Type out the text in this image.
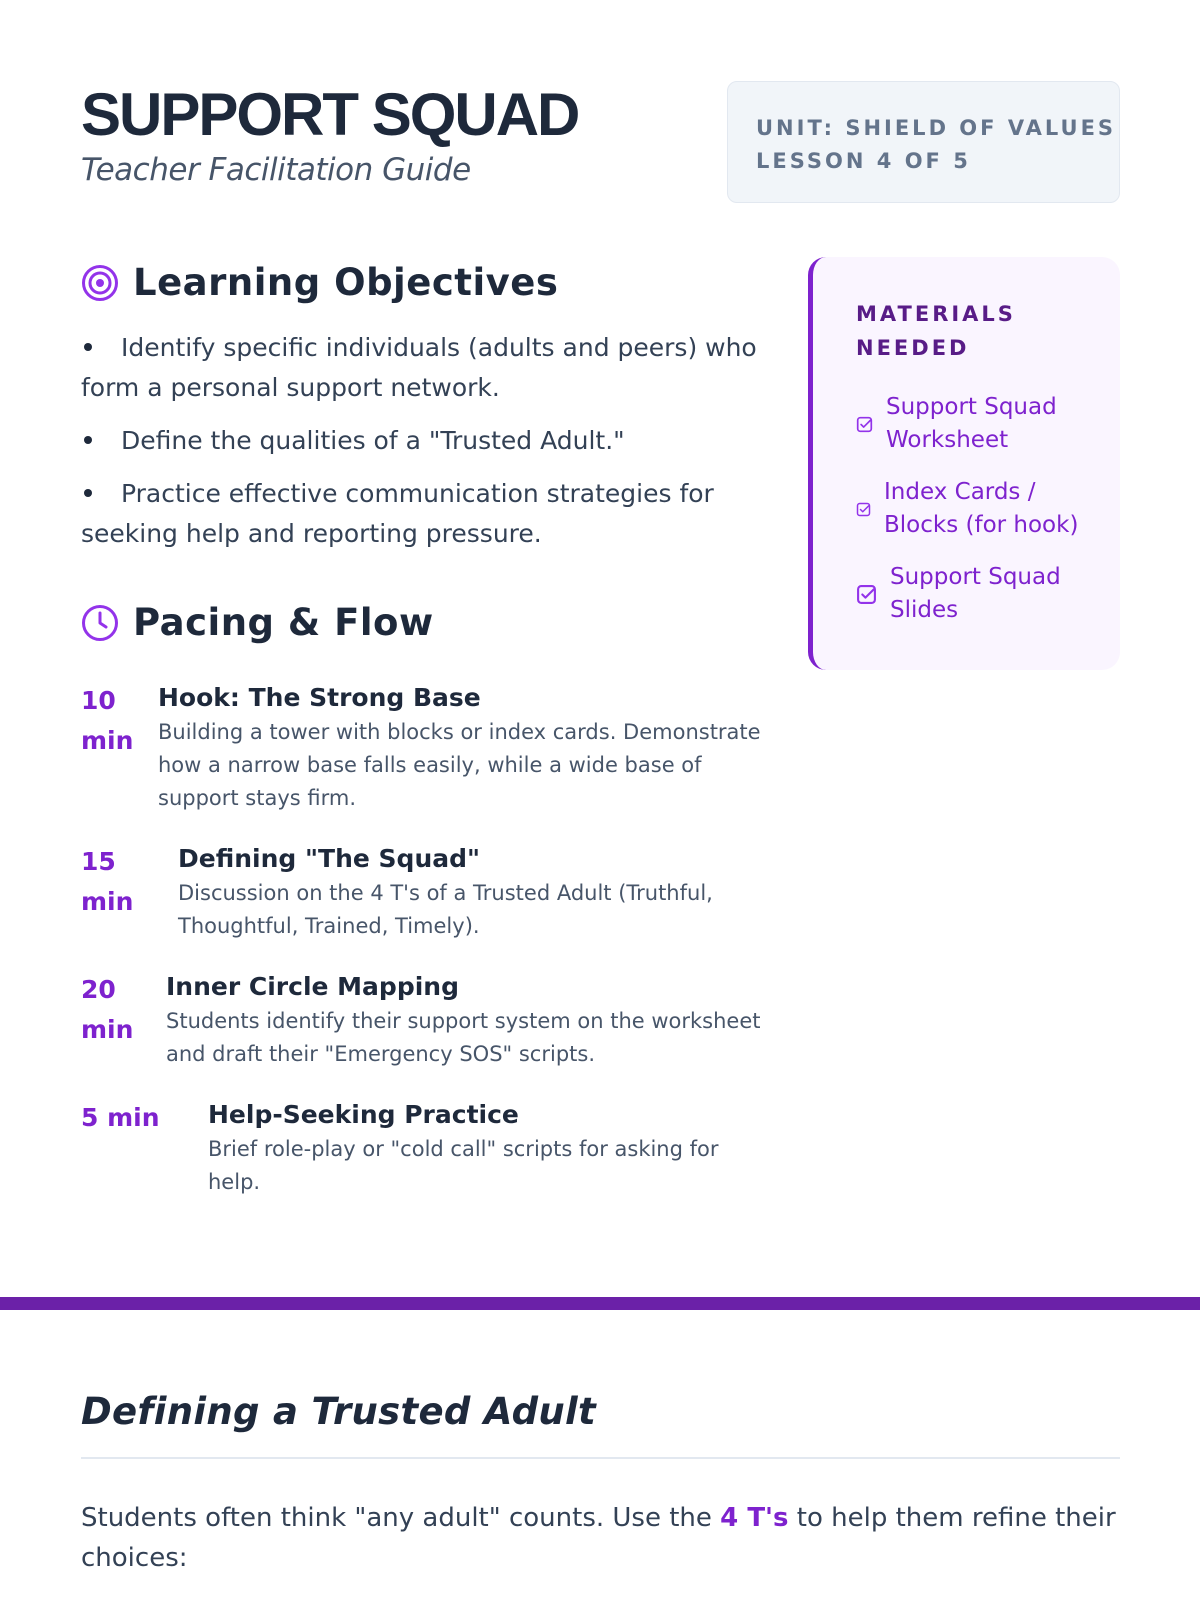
SUPPORT SQUAD
Teacher Facilitation Guide
UNIT: SHIELD OF VALUES
LESSON 4 OF 5
Learning Objectives
Identify specific individuals (adults and peers) who form a personal support network.
Define the qualities of a "Trusted Adult."
Practice effective communication strategies for seeking help and reporting pressure.
Pacing & Flow
10 min
Hook: The Strong Base
Building a tower with blocks or index cards. Demonstrate how a narrow base falls easily, while a wide base of support stays firm.
15 min
Defining "The Squad"
Discussion on the 4 T's of a Trusted Adult (Truthful, Thoughtful, Trained, Timely).
20 min
Inner Circle Mapping
Students identify their support system on the worksheet and draft their "Emergency SOS" scripts.
5 min	Help-Seeking Practice
Brief role-play or "cold call" scripts for asking for help.
MATERIALS NEEDED
Support Squad Worksheet
Index Cards / Blocks (for hook)
Support Squad Slides
Defining a Trusted Adult

Students often think "any adult" counts. Use the 4 T's to help them refine their choices:
